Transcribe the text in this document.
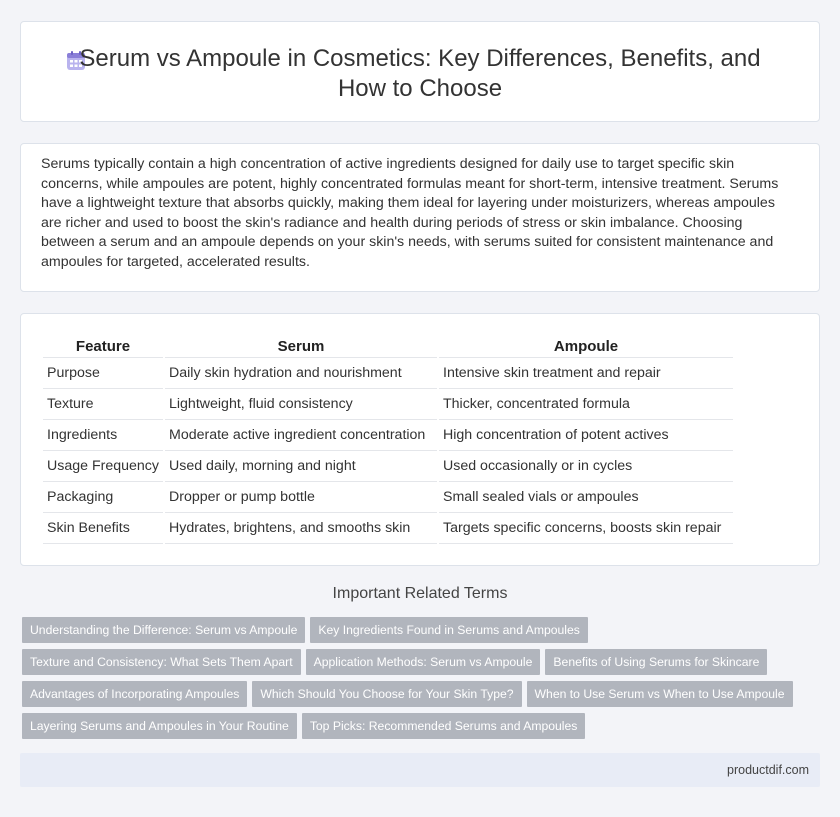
Serum vs Ampoule in Cosmetics: Key Differences, Benefits, and
How to Choose

Serums typically contain a high concentration of active ingredients designed for daily use to target specific skin concerns, while ampoules are potent, highly concentrated formulas meant for short-term, intensive treatment. Serums have a lightweight texture that absorbs quickly, making them ideal for layering under moisturizers, whereas ampoules are richer and used to boost the skin's radiance and health during periods of stress or skin imbalance. Choosing between a serum and an ampoule depends on your skin's needs, with serums suited for consistent maintenance and ampoules for targeted, accelerated results.

Feature	Serum	Ampoule
Purpose	Daily skin hydration and nourishment	Intensive skin treatment and repair
Texture	Lightweight, fluid consistency	Thicker, concentrated formula
Ingredients	Moderate active ingredient concentration	High concentration of potent actives
Usage Frequency	Used daily, morning and night	Used occasionally or in cycles
Packaging	Dropper or pump bottle	Small sealed vials or ampoules
Skin Benefits	Hydrates, brightens, and smooths skin	Targets specific concerns, boosts skin repair
Important Related Terms
Understanding the Difference: Serum vs Ampoule Key Ingredients Found in Serums and Ampoules
Texture and Consistency: What Sets Them Apart Application Methods: Serum vs Ampoule Benefits of Using Serums for Skincare
Advantages of Incorporating Ampoules Which Should You Choose for Your Skin Type? When to Use Serum vs When to Use Ampoule
Layering Serums and Ampoules in Your Routine Top Picks: Recommended Serums and Ampoules
productdif.com
